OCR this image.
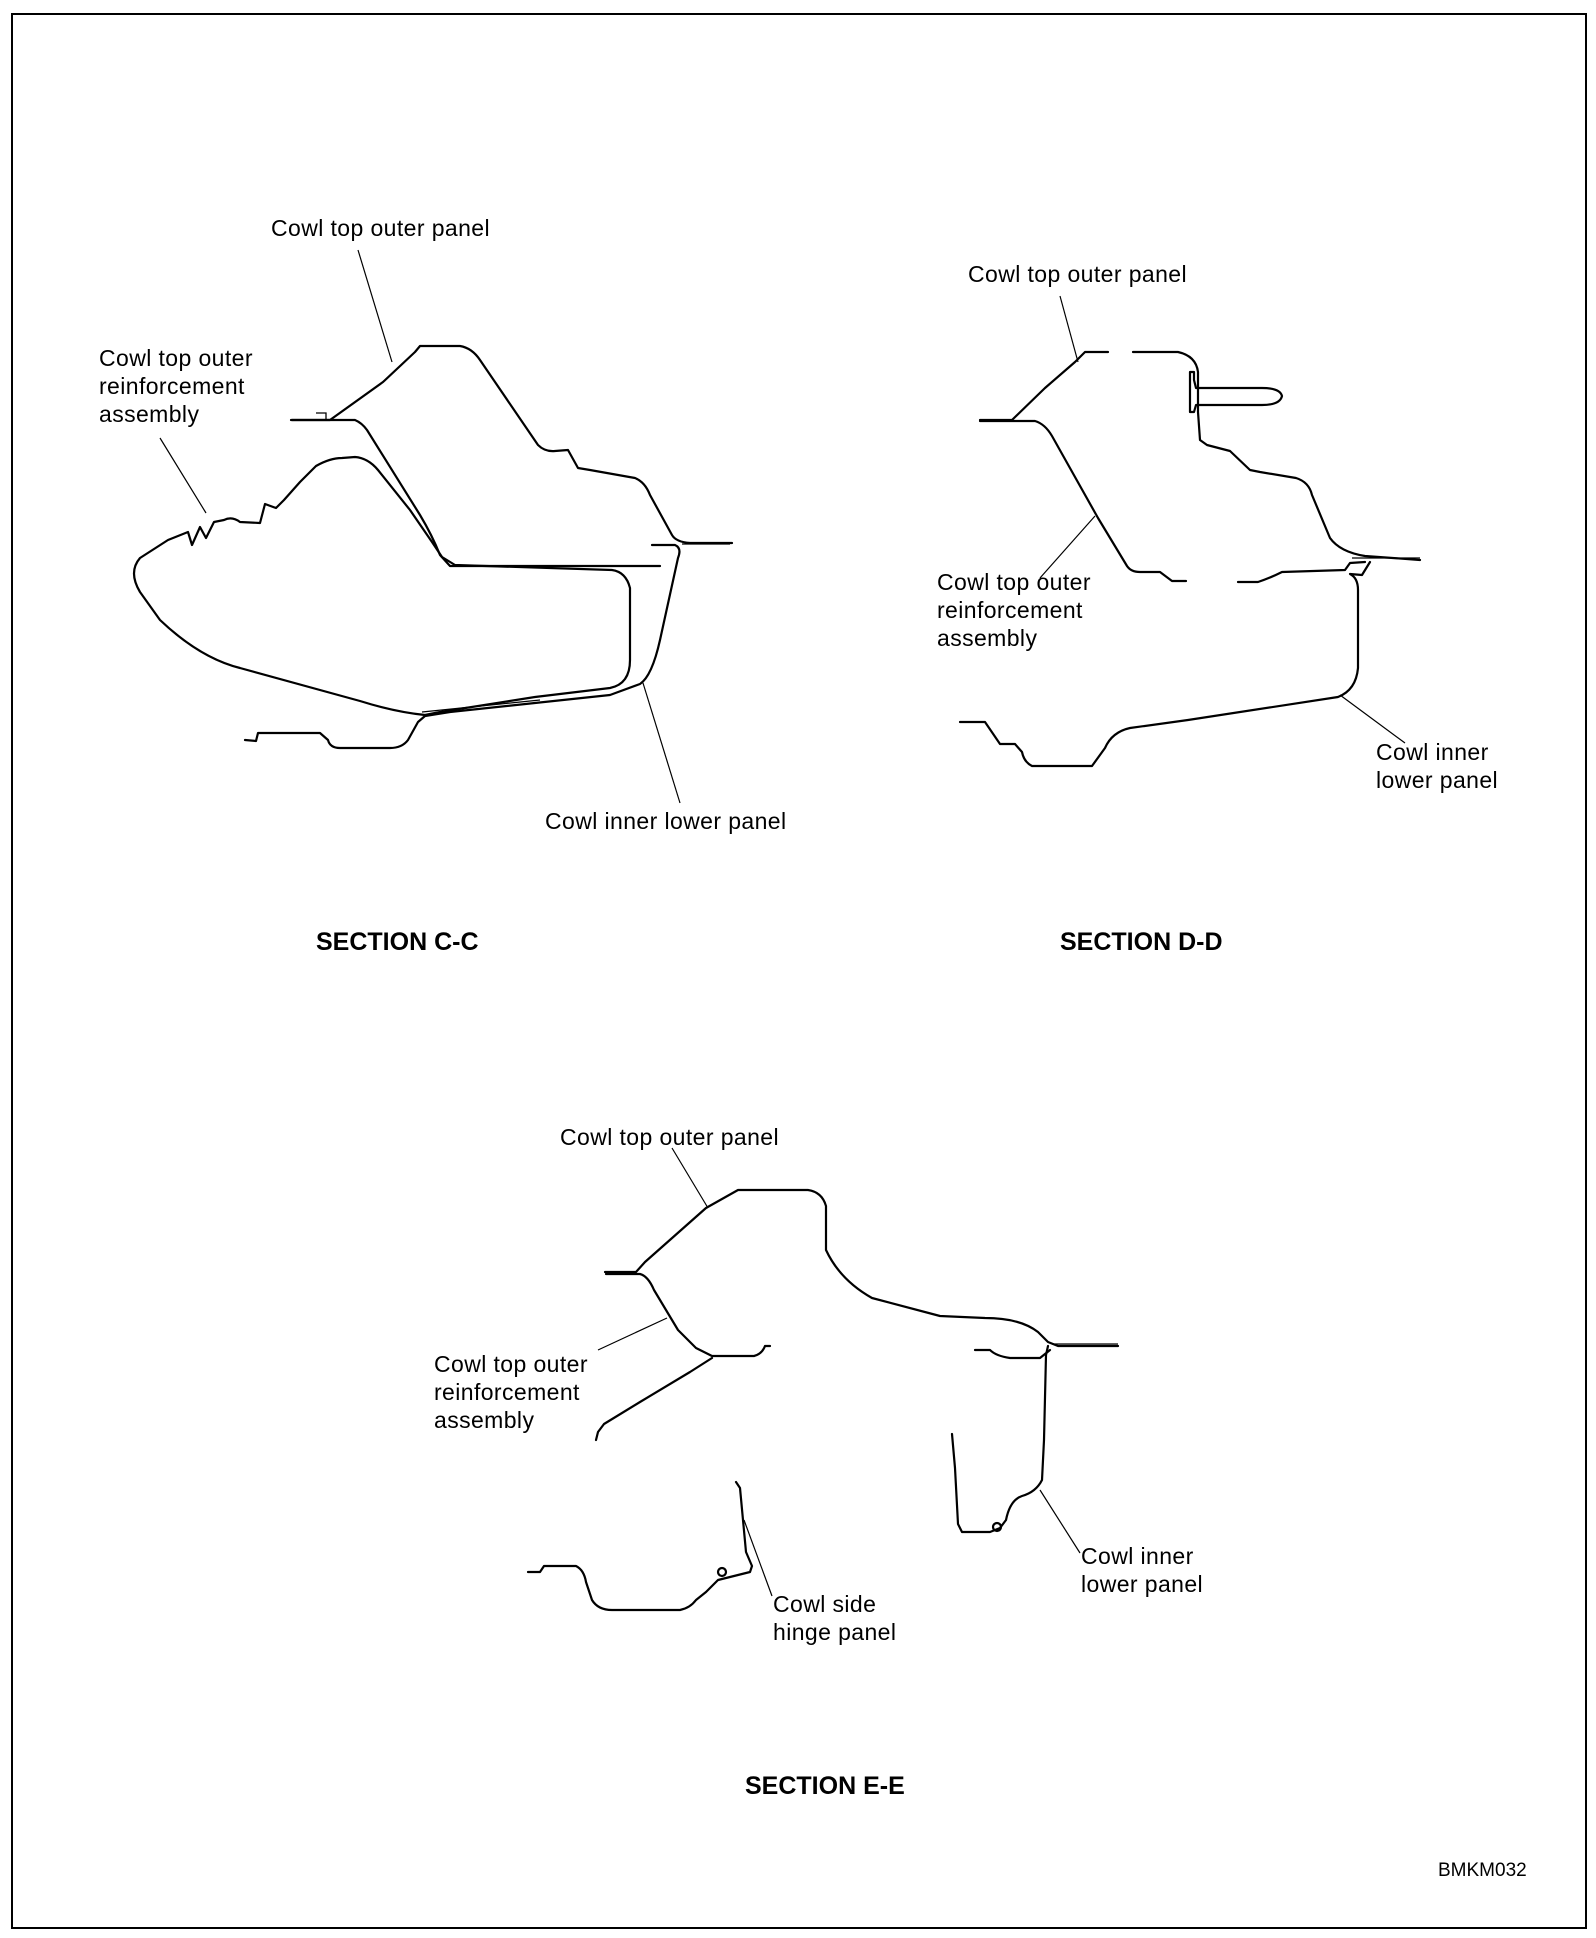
Cowl top outer panel
Cowl top outer
reinforcement
assembly
Cowl inner lower panel
SECTION C-C
Cowl top outer panel
Cowl top outer
reinforcement
assembly
Cowl inner
lower panel
SECTION D-D
Cowl top outer panel
Cowl top outer
reinforcement
assembly
Cowl side
hinge panel
Cowl inner
lower panel
SECTION E-E
BMKM032
